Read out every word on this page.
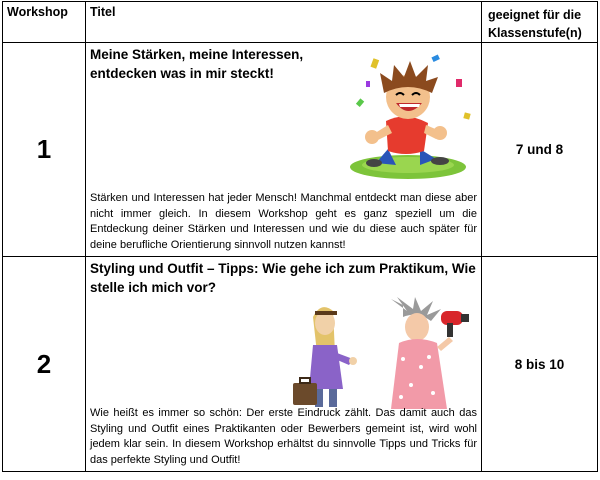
Workshop	Titel	geeignet für die Klassenstufe(n)

1	Meine Stärken, meine Interessen, entdecken was in mir steckt!
Stärken und Interessen hat jeder Mensch! Manchmal entdeckt man diese aber nicht immer gleich. In diesem Workshop geht es ganz speziell um die Entdeckung deiner Stärken und Interessen und wie du diese auch später für deine berufliche Orientierung sinnvoll nutzen kannst!	7 und 8
2	Styling und Outfit – Tipps: Wie gehe ich zum Praktikum, Wie stelle ich mich vor?
Wie heißt es immer so schön: Der erste Eindruck zählt. Das damit auch das Styling und Outfit eines Praktikanten oder Bewerbers gemeint ist, wird wohl jedem klar sein. In diesem Workshop erhältst du sinnvolle Tipps und Tricks für das perfekte Styling und Outfit!	8 bis 10
